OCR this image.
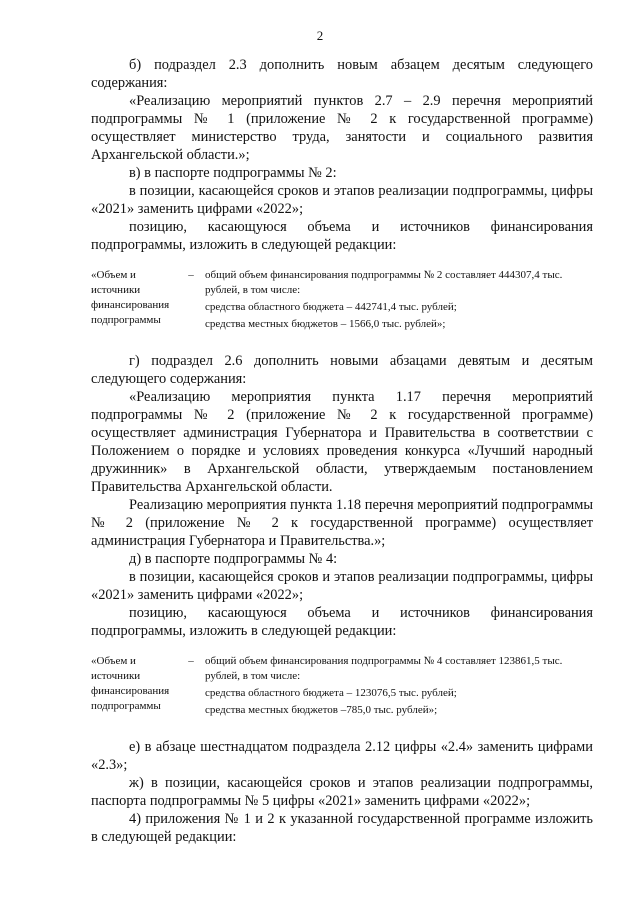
2

б) подраздел 2.3 дополнить новым абзацем десятым следующего содержания:

«Реализацию мероприятий пунктов 2.7 – 2.9 перечня мероприятий подпрограммы № 1 (приложение № 2 к государственной программе) осуществляет министерство труда, занятости и социального развития Архангельской области.»;

в) в паспорте подпрограммы № 2:

в позиции, касающейся сроков и этапов реализации подпрограммы, цифры «2021» заменить цифрами «2022»;

позицию, касающуюся объема и источников финансирования подпрограммы, изложить в следующей редакции:

«Объем и источники финансирования подпрограммы
–	общий объем финансирования подпрограммы № 2 составляет 444307,4 тыс. рублей, в том числе:
средства областного бюджета – 442741,4 тыс. рублей;
средства местных бюджетов – 1566,0 тыс. рублей»;

г) подраздел 2.6 дополнить новыми абзацами девятым и десятым следующего содержания:

«Реализацию мероприятия пункта 1.17 перечня мероприятий подпрограммы № 2 (приложение № 2 к государственной программе) осуществляет администрация Губернатора и Правительства в соответствии с Положением о порядке и условиях проведения конкурса «Лучший народный дружинник» в Архангельской области, утверждаемым постановлением Правительства Архангельской области.

Реализацию мероприятия пункта 1.18 перечня мероприятий подпрограммы № 2 (приложение № 2 к государственной программе) осуществляет администрация Губернатора и Правительства.»;

д) в паспорте подпрограммы № 4:

в позиции, касающейся сроков и этапов реализации подпрограммы, цифры «2021» заменить цифрами «2022»;

позицию, касающуюся объема и источников финансирования подпрограммы, изложить в следующей редакции:

«Объем и источники финансирования подпрограммы
–	общий объем финансирования подпрограммы № 4 составляет 123861,5 тыс. рублей, в том числе:
средства областного бюджета – 123076,5 тыс. рублей;
средства местных бюджетов –785,0 тыс. рублей»;

е) в абзаце шестнадцатом подраздела 2.12 цифры «2.4» заменить цифрами «2.3»;

ж) в позиции, касающейся сроков и этапов реализации подпрограммы, паспорта подпрограммы № 5 цифры «2021» заменить цифрами «2022»;

4) приложения № 1 и 2 к указанной государственной программе изложить в следующей редакции:
